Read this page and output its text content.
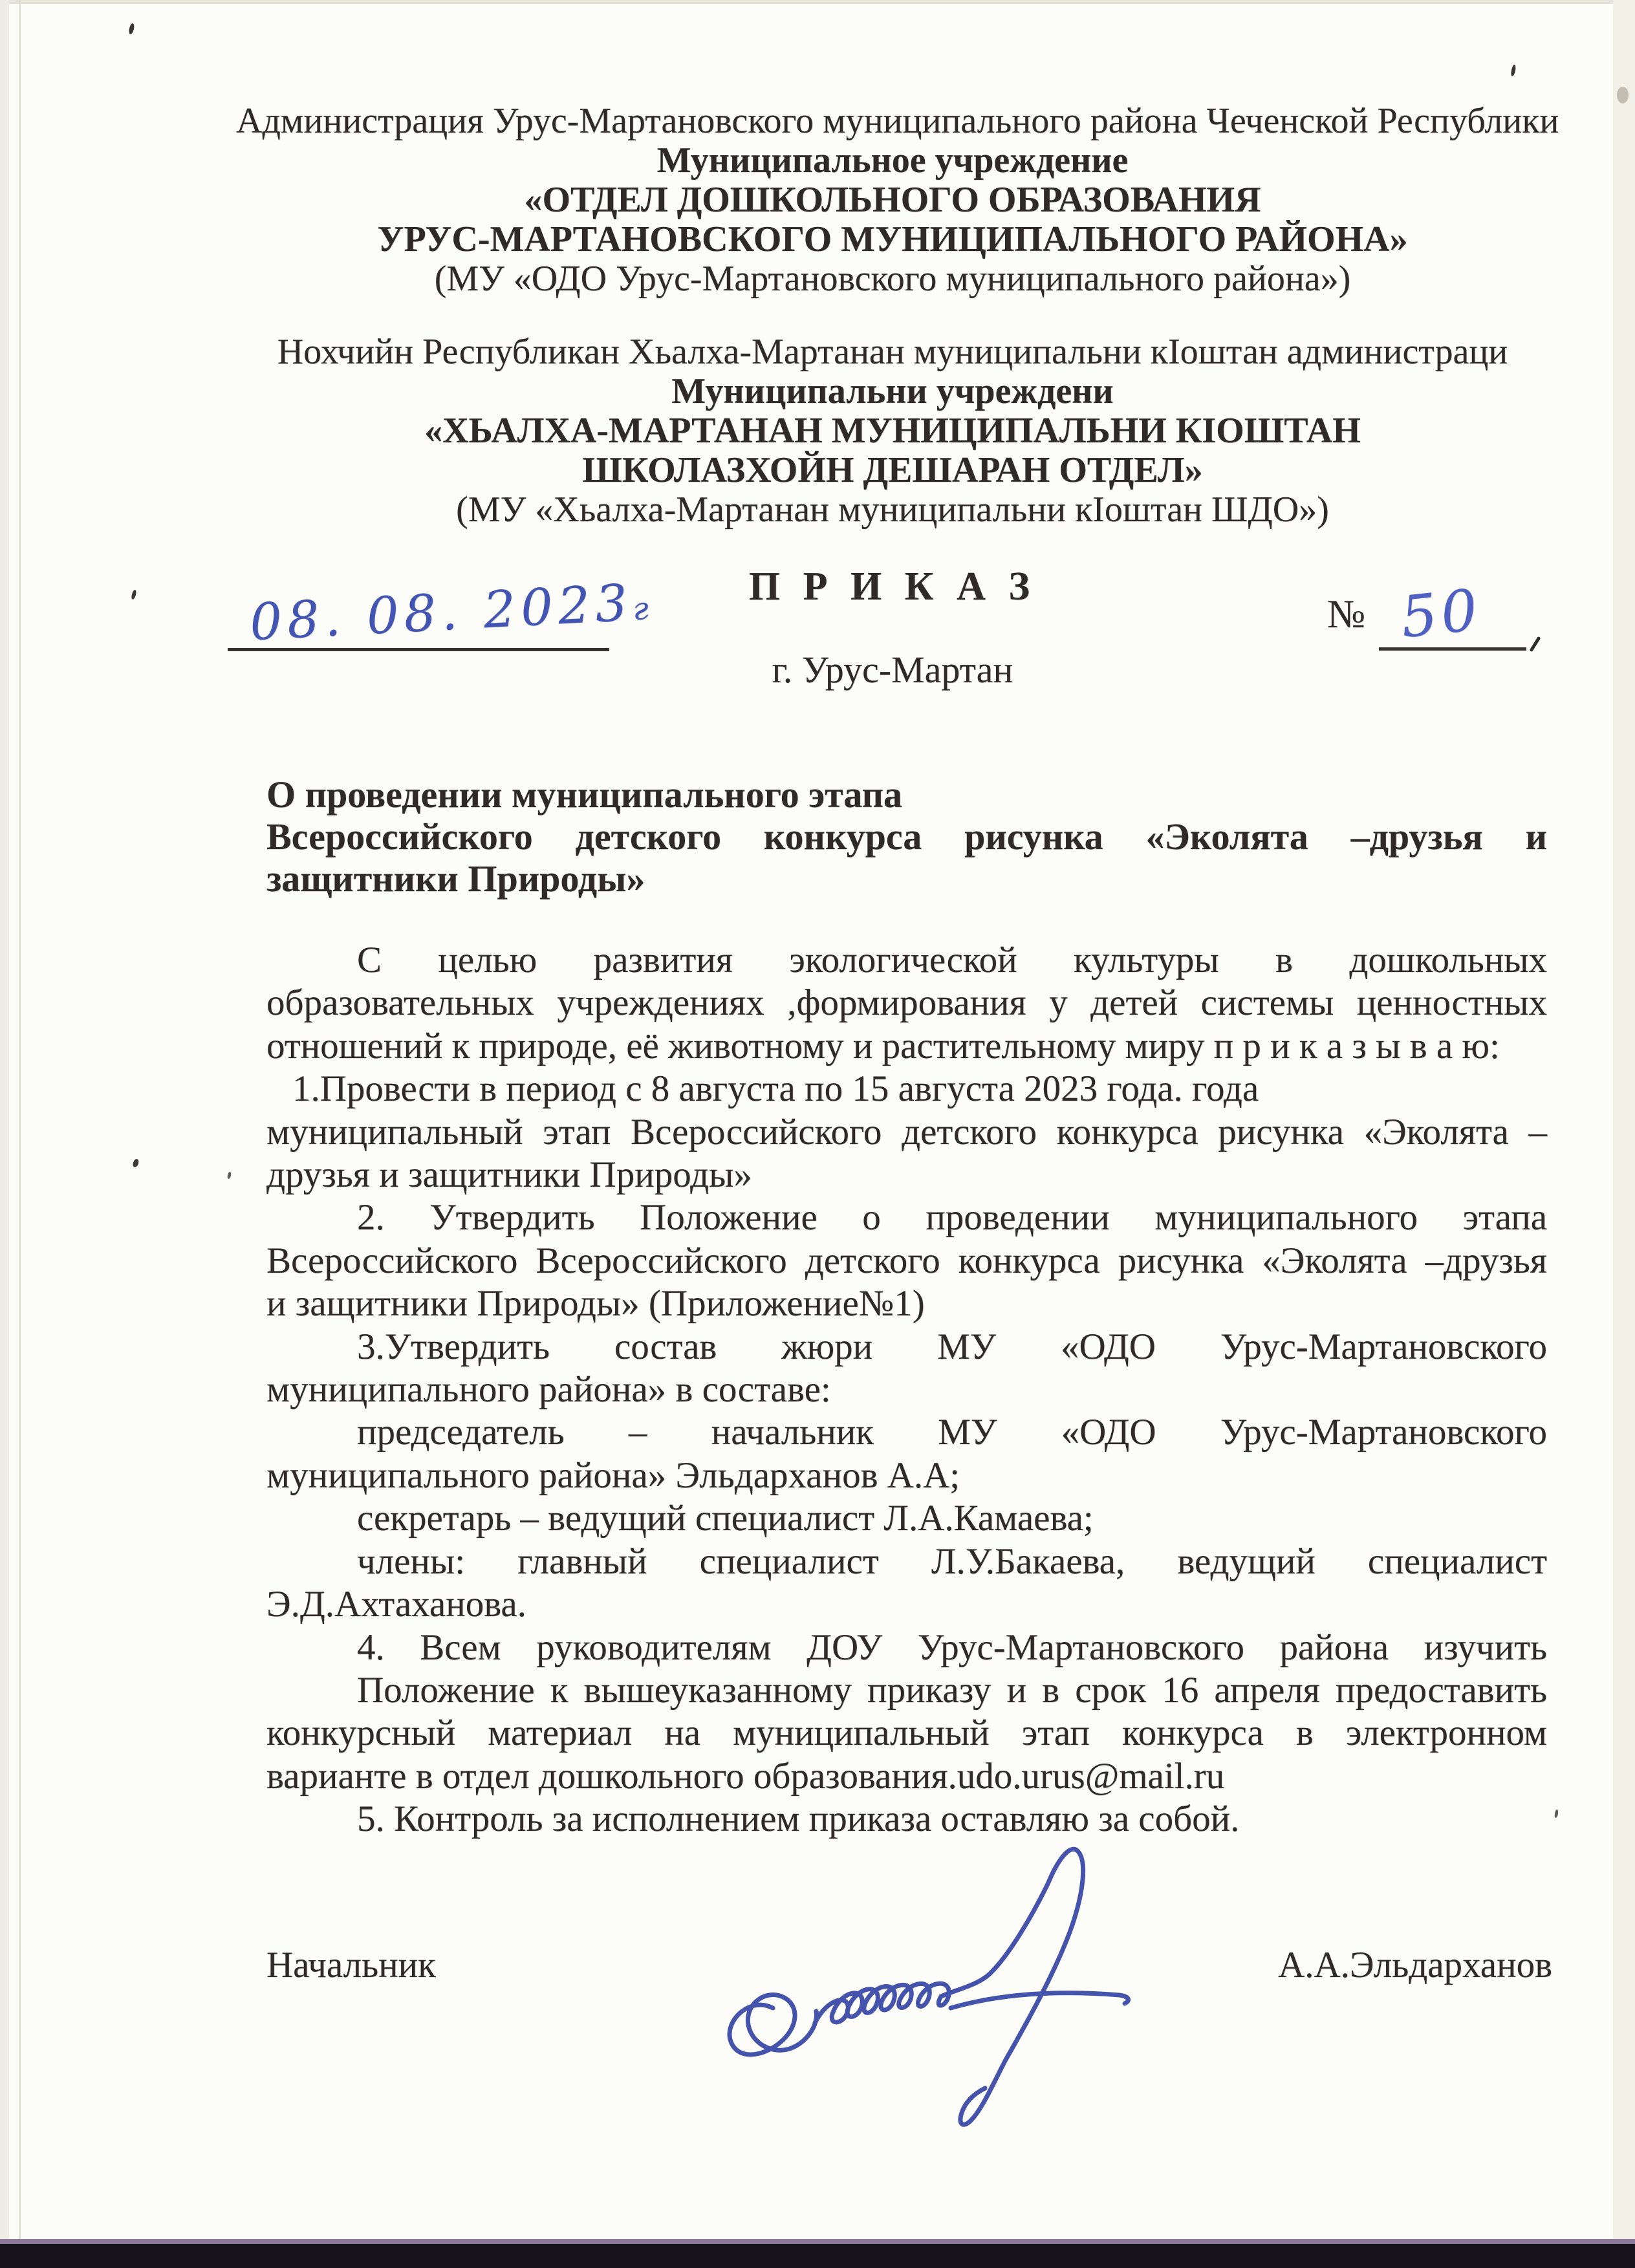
Администрация Урус-Мартановского муниципального района Чеченской Республики
Муниципальное учреждение
«ОТДЕЛ ДОШКОЛЬНОГО ОБРАЗОВАНИЯ
УРУС-МАРТАНОВСКОГО МУНИЦИПАЛЬНОГО РАЙОНА»
(МУ «ОДО Урус-Мартановского муниципального района»)
Нохчийн Республикан Хьалха-Мартанан муниципальни кІоштан администраци
Муниципальни учреждени
«ХЬАЛХА-МАРТАНАН МУНИЦИПАЛЬНИ КІОШТАН
ШКОЛАЗХОЙН ДЕШАРАН ОТДЕЛ»
(МУ «Хьалха-Мартанан муниципальни кІоштан ШДО»)
П Р И К А З
08. 08. 2023г	№ 50
г. Урус-Мартан
О проведении муниципального этапа
Всероссийского детского конкурса рисунка «Эколята –друзья и
защитники Природы»
С целью развития экологической культуры в дошкольных
образовательных учреждениях ,формирования у детей системы ценностных
отношений к природе, её животному и растительному миру п р и к а з ы в а ю:
1.Провести в период с 8 августа по 15 августа 2023 года. года
муниципальный этап Всероссийского детского конкурса рисунка «Эколята –
друзья и защитники Природы»
2. Утвердить Положение о проведении муниципального этапа
Всероссийского Всероссийского детского конкурса рисунка «Эколята –друзья
и защитники Природы» (Приложение№1)
3.Утвердить состав жюри МУ «ОДО Урус-Мартановского
муниципального района» в составе:
председатель – начальник МУ «ОДО Урус-Мартановского
муниципального района» Эльдарханов А.А;
секретарь – ведущий специалист Л.А.Камаева;
члены: главный специалист Л.У.Бакаева, ведущий специалист
Э.Д.Ахтаханова.
4. Всем руководителям ДОУ Урус-Мартановского района изучить
Положение к вышеуказанному приказу и в срок 16 апреля предоставить
конкурсный материал на муниципальный этап конкурса в электронном
варианте в отдел дошкольного образования.udo.urus@mail.ru
5. Контроль за исполнением приказа оставляю за собой.
Начальник	А.А.Эльдарханов
